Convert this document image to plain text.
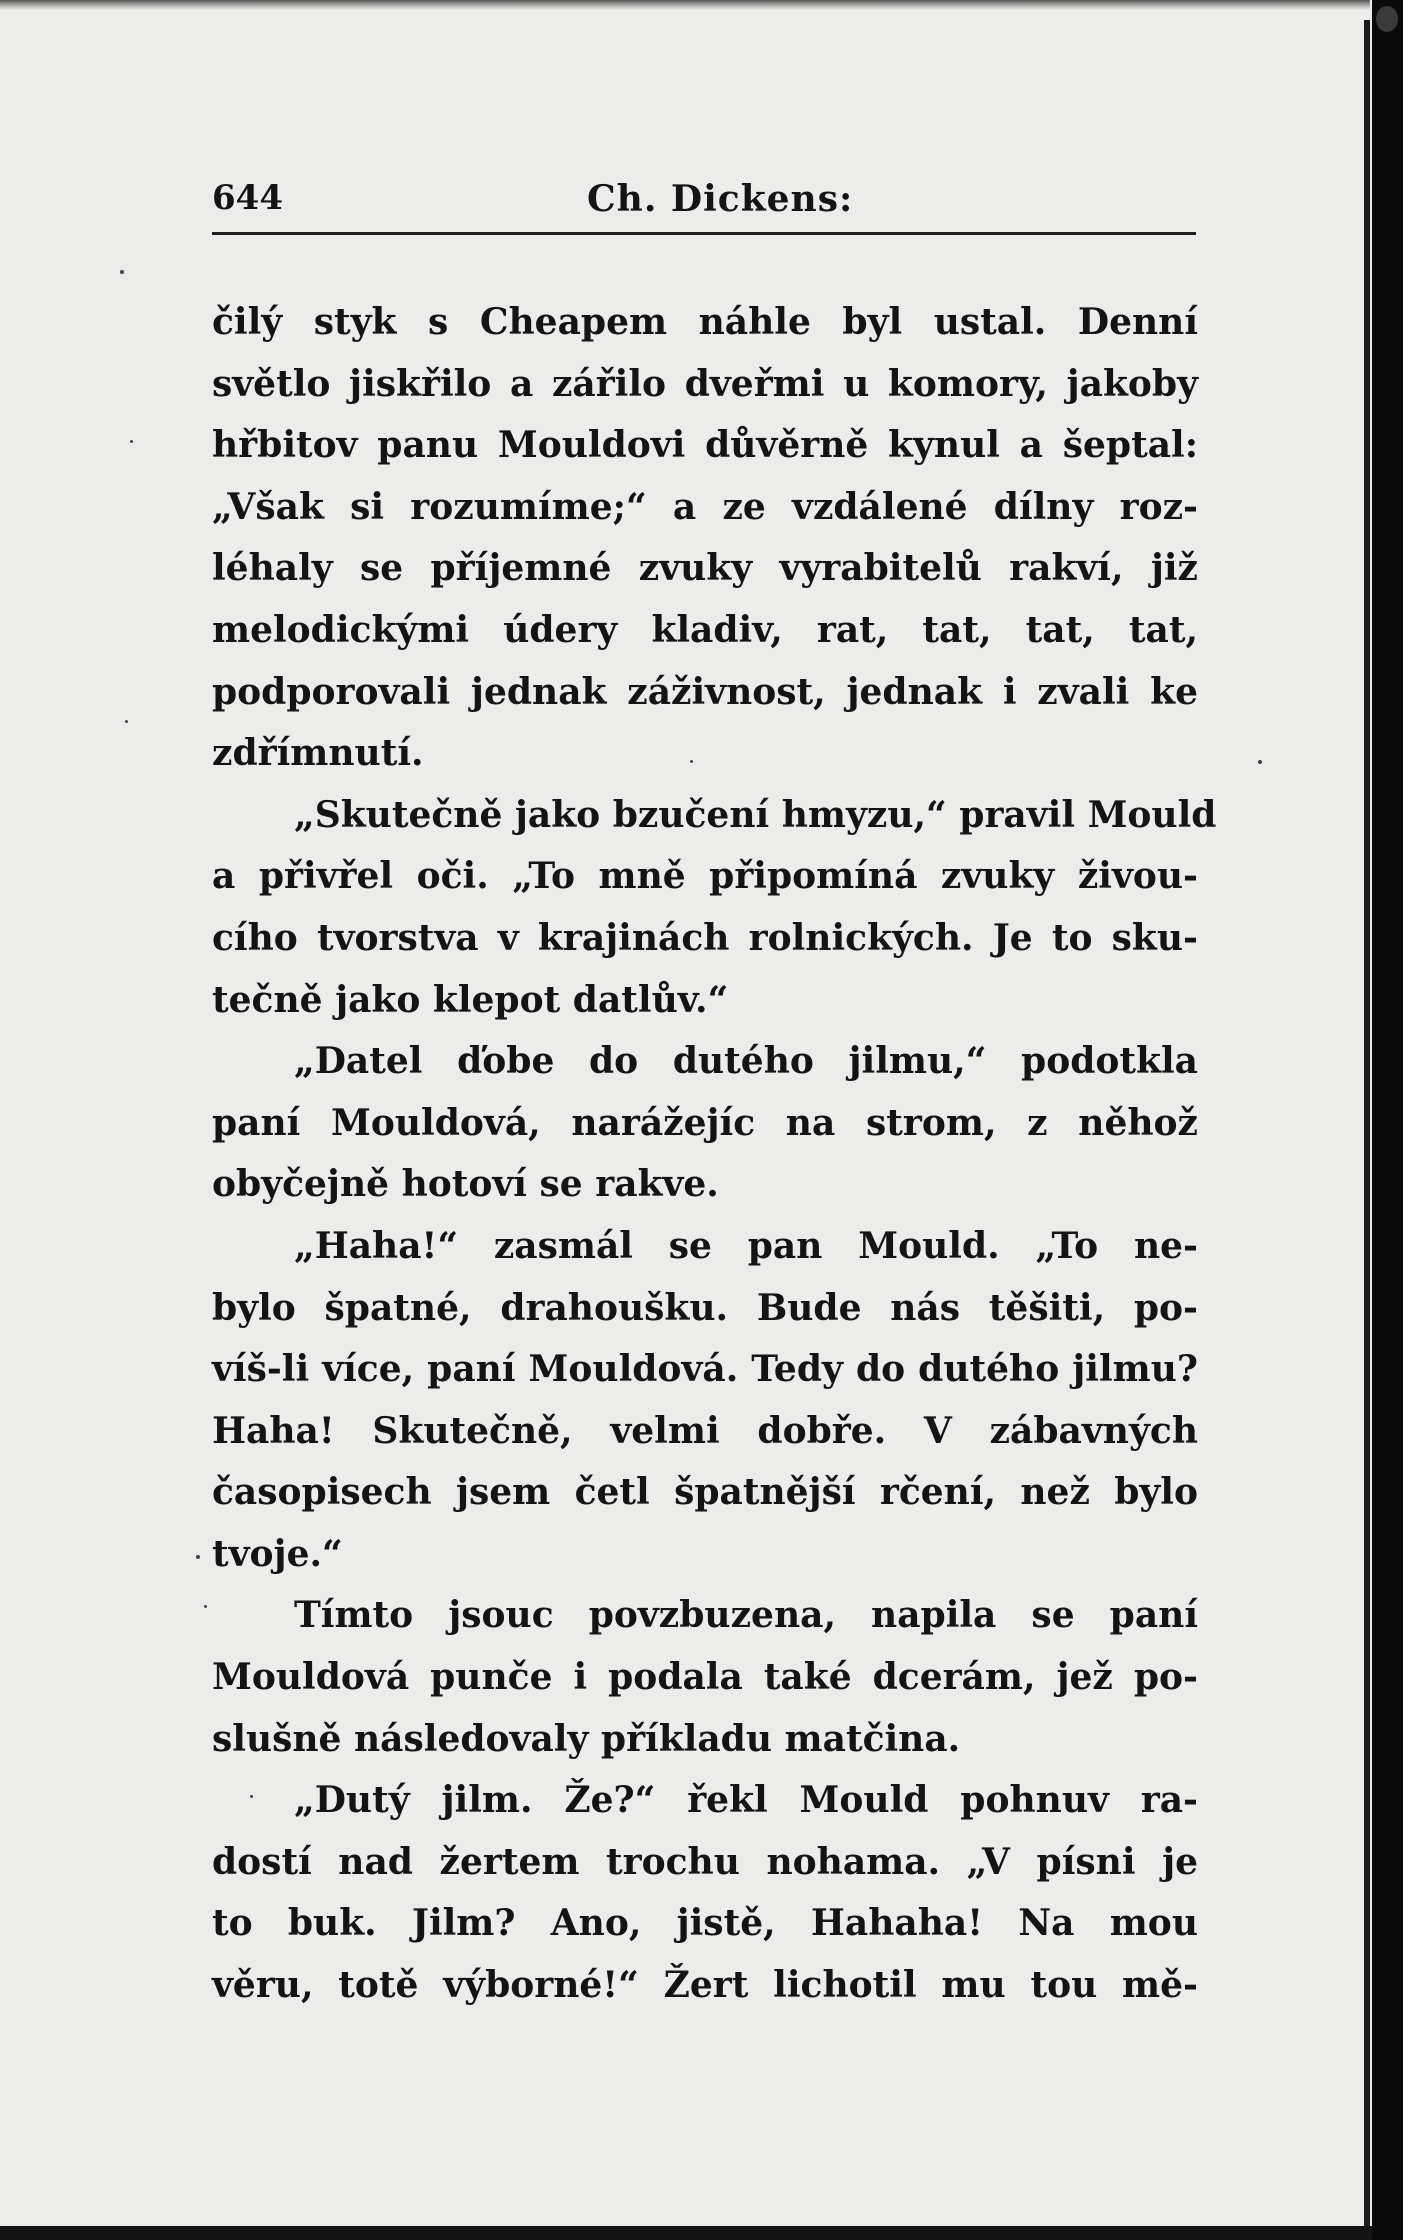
644	Ch. Dickens:
čilý styk s Cheapem náhle byl ustal. Denní
světlo jiskřilo a zářilo dveřmi u komory, jakoby
hřbitov panu Mouldovi důvěrně kynul a šeptal:
„Však si rozumíme;“ a ze vzdálené dílny roz-
léhaly se příjemné zvuky vyrabitelů rakví, již
melodickými údery kladiv, rat, tat, tat, tat,
podporovali jednak záživnost, jednak i zvali ke
zdřímnutí.
„Skutečně jako bzučení hmyzu,“ pravil Mould
a přivřel oči. „To mně připomíná zvuky živou-
cího tvorstva v krajinách rolnických. Je to sku-
tečně jako klepot datlův.“
„Datel ďobe do dutého jilmu,“ podotkla
paní Mouldová, narážejíc na strom, z něhož
obyčejně hotoví se rakve.
„Haha!“ zasmál se pan Mould. „To ne-
bylo špatné, drahoušku. Bude nás těšiti, po-
víš-li více, paní Mouldová. Tedy do dutého jilmu?
Haha! Skutečně, velmi dobře. V zábavných
časopisech jsem četl špatnější rčení, než bylo
tvoje.“
Tímto jsouc povzbuzena, napila se paní
Mouldová punče i podala také dcerám, jež po-
slušně následovaly příkladu matčina.
„Dutý jilm. Že?“ řekl Mould pohnuv ra-
dostí nad žertem trochu nohama. „V písni je
to buk. Jilm? Ano, jistě, Hahaha! Na mou
věru, totě výborné!“ Žert lichotil mu tou mě-
